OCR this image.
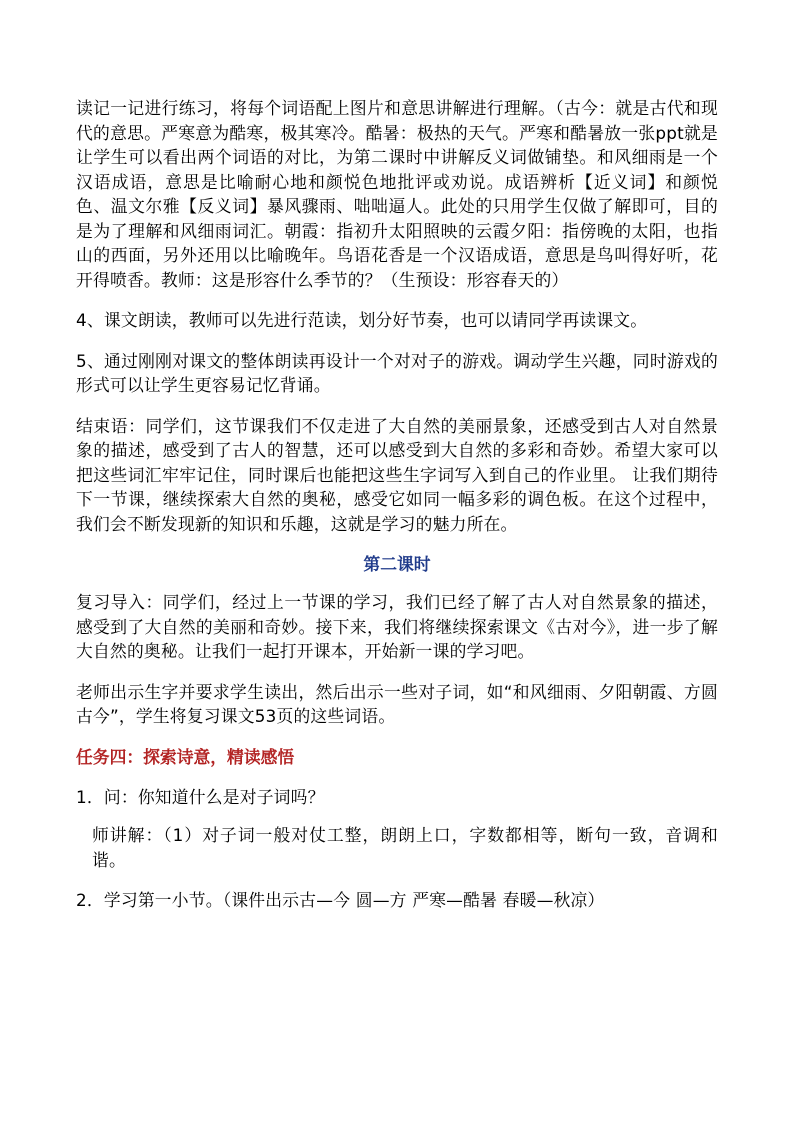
读记一记进行练习，将每个词语配上图片和意思讲解进行理解。（古今：就是古代和现代的意思。严寒意为酷寒，极其寒冷。酷暑：极热的天气。严寒和酷暑放一张ppt就是让学生可以看出两个词语的对比，为第二课时中讲解反义词做铺垫。和风细雨是一个汉语成语，意思是比喻耐心地和颜悦色地批评或劝说。成语辨析【近义词】和颜悦色、温文尔雅【反义词】暴风骤雨、咄咄逼人。此处的只用学生仅做了解即可，目的是为了理解和风细雨词汇。朝霞：指初升太阳照映的云霞夕阳：指傍晚的太阳，也指山的西面，另外还用以比喻晚年。鸟语花香是一个汉语成语，意思是鸟叫得好听，花开得喷香。教师：这是形容什么季节的？（生预设：形容春天的）

4、课文朗读，教师可以先进行范读，划分好节奏，也可以请同学再读课文。

5、通过刚刚对课文的整体朗读再设计一个对对子的游戏。调动学生兴趣，同时游戏的形式可以让学生更容易记忆背诵。

结束语：同学们，这节课我们不仅走进了大自然的美丽景象，还感受到古人对自然景象的描述，感受到了古人的智慧，还可以感受到大自然的多彩和奇妙。希望大家可以把这些词汇牢牢记住，同时课后也能把这些生字词写入到自己的作业里。 让我们期待下一节课，继续探索大自然的奥秘，感受它如同一幅多彩的调色板。在这个过程中，我们会不断发现新的知识和乐趣，这就是学习的魅力所在。

第二课时

复习导入：同学们，经过上一节课的学习，我们已经了解了古人对自然景象的描述，感受到了大自然的美丽和奇妙。接下来，我们将继续探索课文《古对今》，进一步了解大自然的奥秘。让我们一起打开课本，开始新一课的学习吧。

老师出示生字并要求学生读出，然后出示一些对子词，如“和风细雨、夕阳朝霞、方圆古今”，学生将复习课文53页的这些词语。

任务四：探索诗意，精读感悟

1．问：你知道什么是对子词吗？

师讲解：（1）对子词一般对仗工整，朗朗上口，字数都相等，断句一致，音调和谐。

2．学习第一小节。（课件出示古—今 圆—方 严寒—酷暑 春暖—秋凉）
